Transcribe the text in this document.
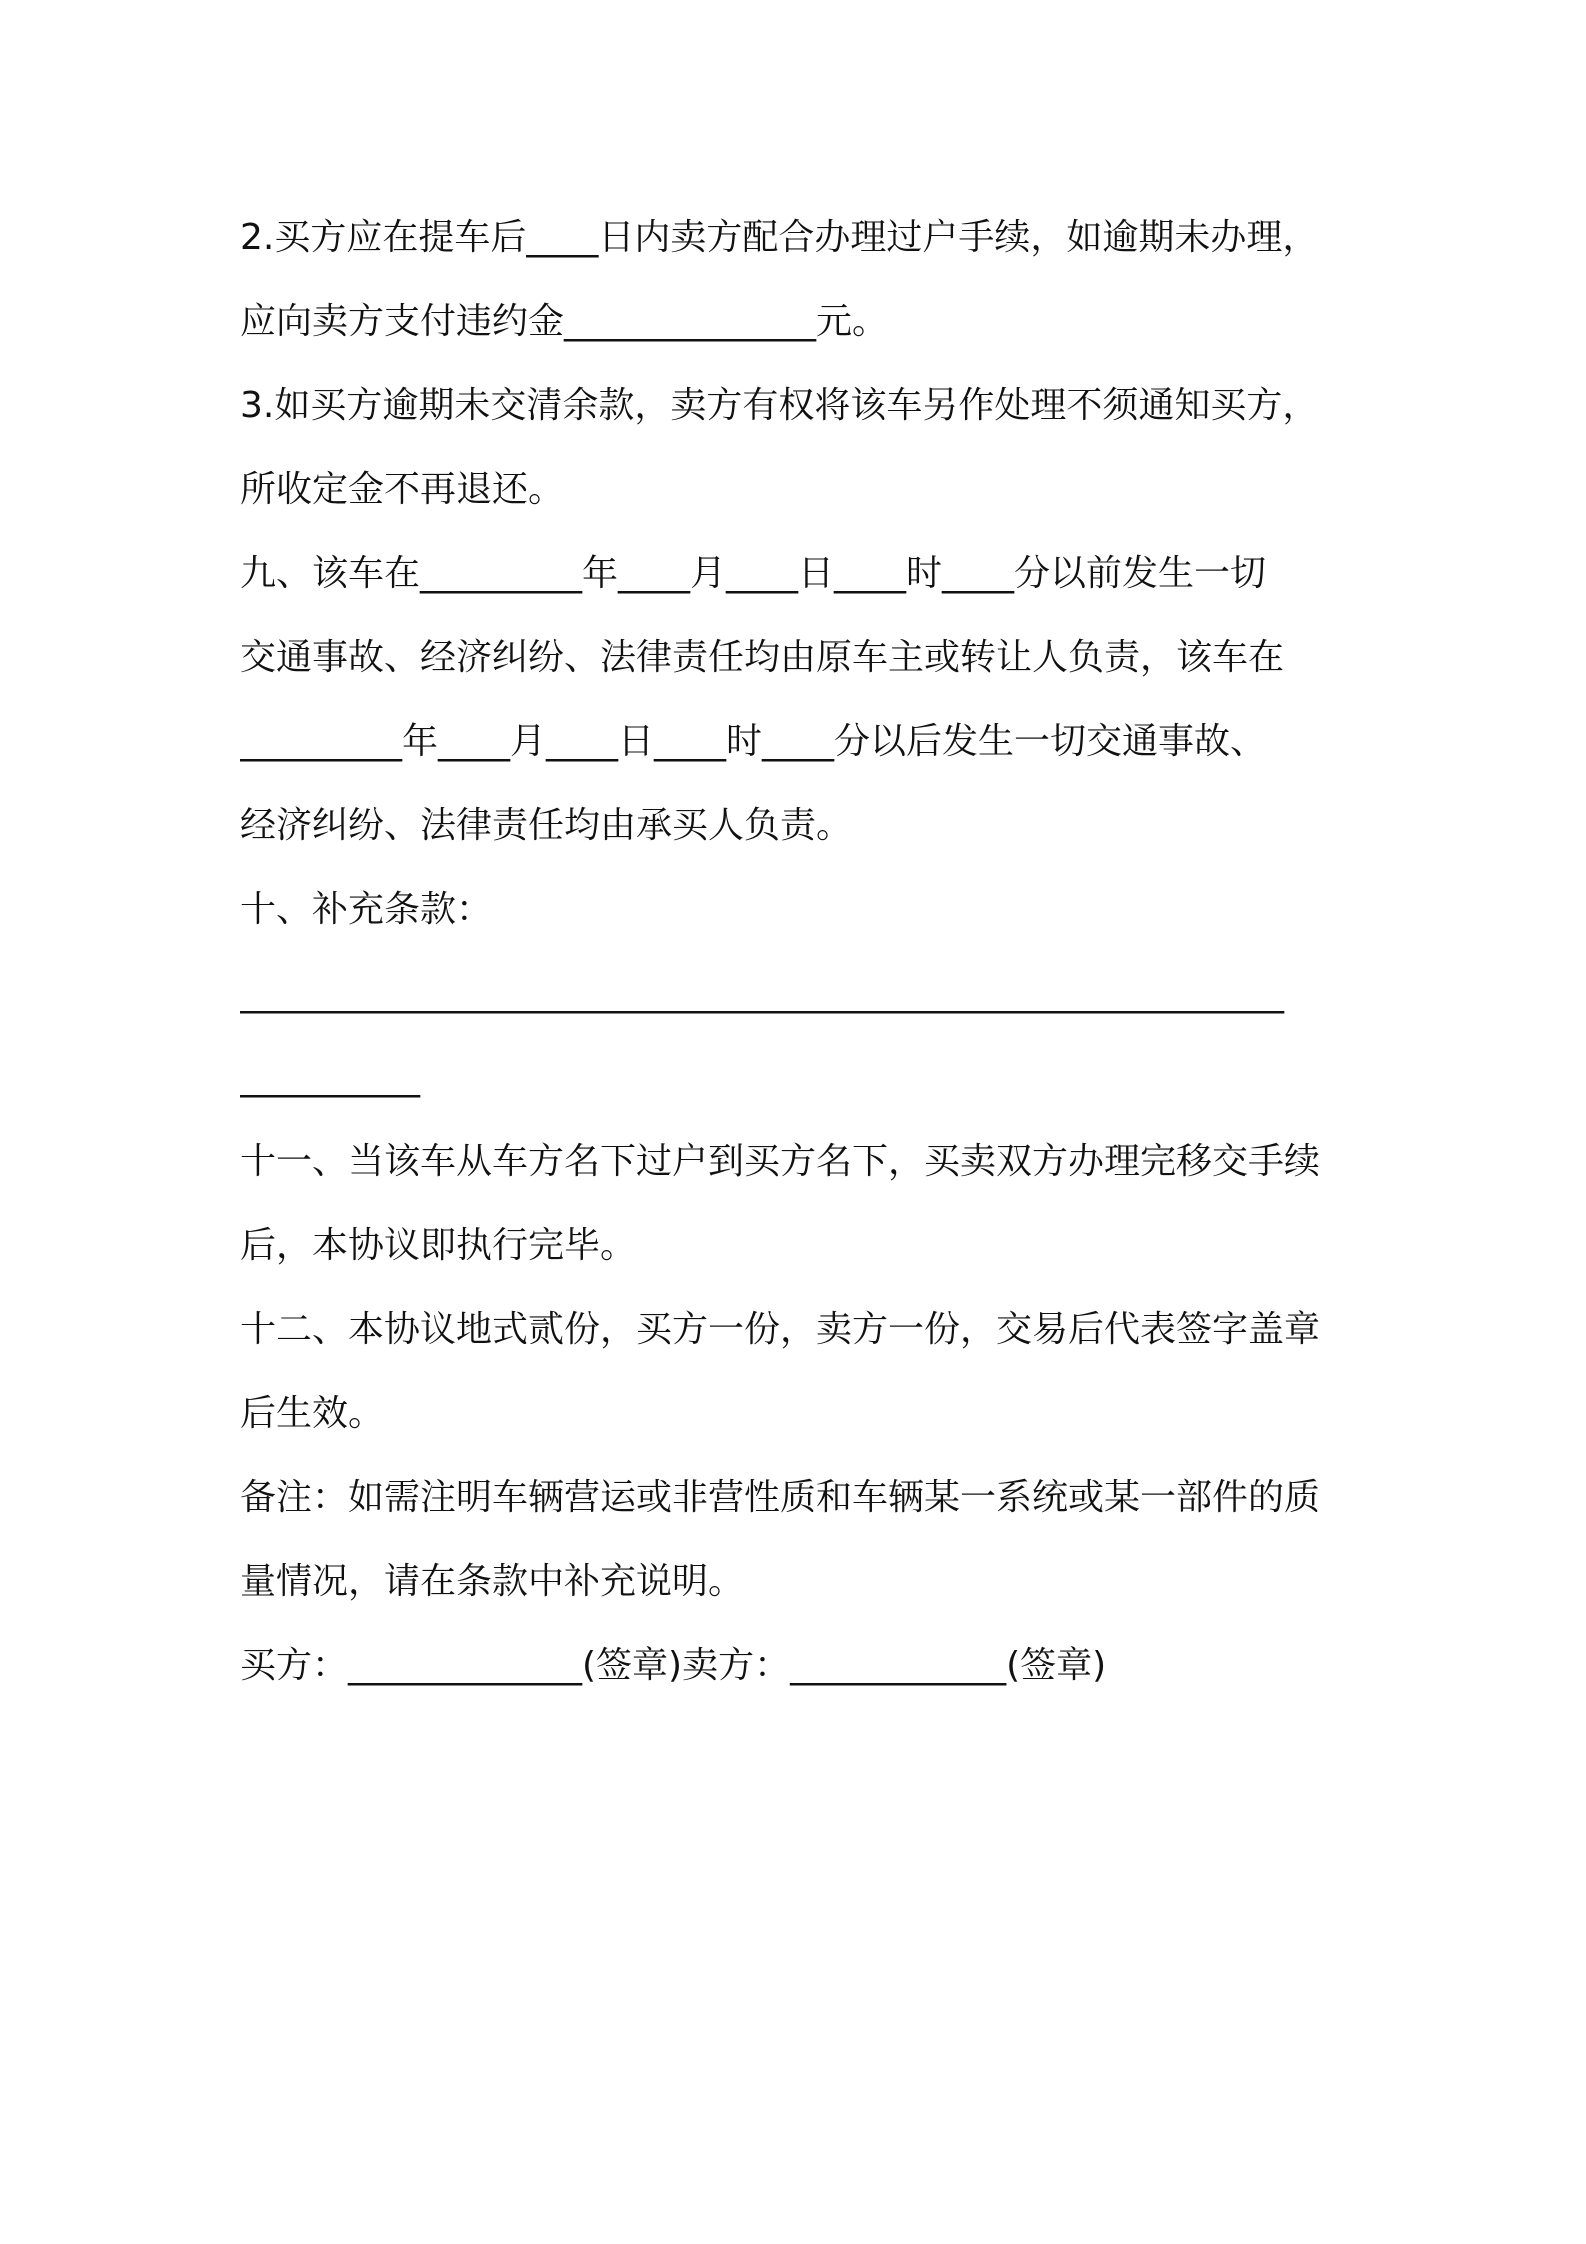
2.买方应在提车后____日内卖方配合办理过户手续，如逾期未办理，
应向卖方支付违约金______________元。
3.如买方逾期未交清余款，卖方有权将该车另作处理不须通知买方，
所收定金不再退还。
九、该车在_________年____月____日____时____分以前发生一切
交通事故、经济纠纷、法律责任均由原车主或转让人负责，该车在
_________年____月____日____时____分以后发生一切交通事故、
经济纠纷、法律责任均由承买人负责。
十、补充条款：
__________________________________________________________
__________
十一、当该车从车方名下过户到买方名下，买卖双方办理完移交手续
后，本协议即执行完毕。
十二、本协议地式贰份，买方一份，卖方一份，交易后代表签字盖章
后生效。
备注：如需注明车辆营运或非营性质和车辆某一系统或某一部件的质
量情况，请在条款中补充说明。
买方：_____________(签章)卖方：____________(签章)
